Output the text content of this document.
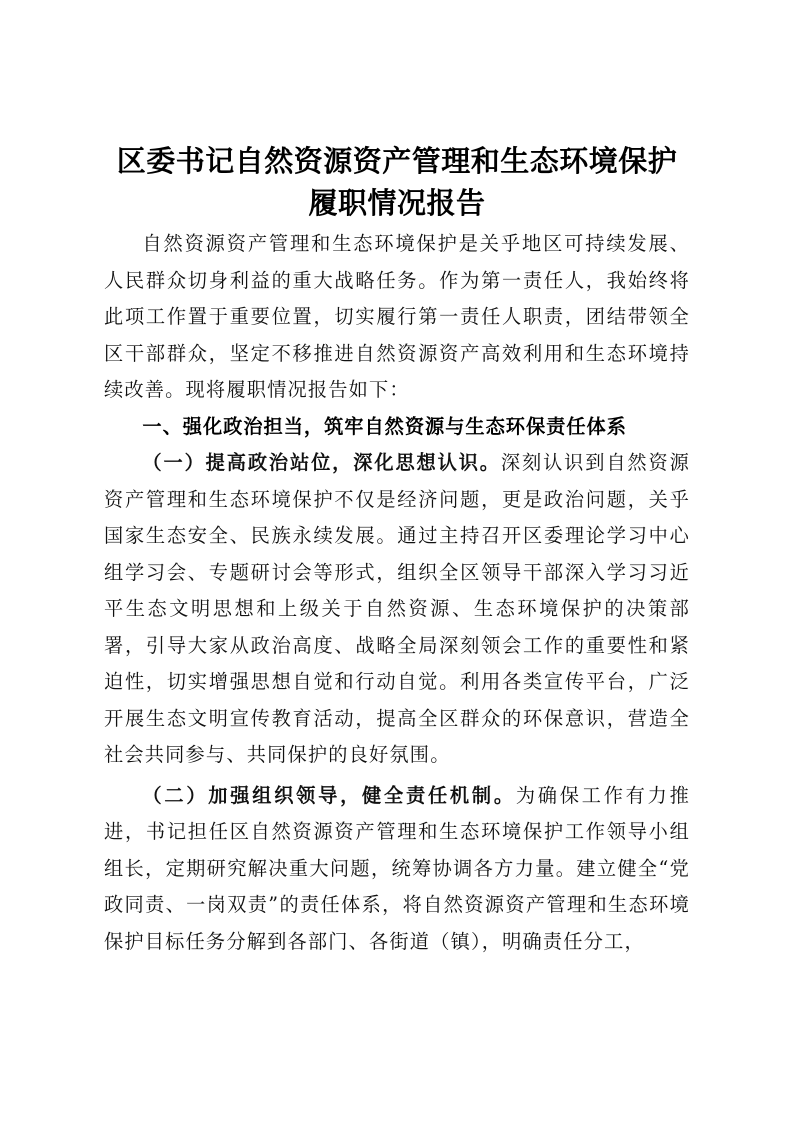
区委书记自然资源资产管理和生态环境保护履职情况报告

自然资源资产管理和生态环境保护是关乎地区可持续发展、人民群众切身利益的重大战略任务。作为第一责任人，我始终将此项工作置于重要位置，切实履行第一责任人职责，团结带领全区干部群众，坚定不移推进自然资源资产高效利用和生态环境持续改善。现将履职情况报告如下：

一、强化政治担当，筑牢自然资源与生态环保责任体系

（一）提高政治站位，深化思想认识。深刻认识到自然资源资产管理和生态环境保护不仅是经济问题，更是政治问题，关乎国家生态安全、民族永续发展。通过主持召开区委理论学习中心组学习会、专题研讨会等形式，组织全区领导干部深入学习习近平生态文明思想和上级关于自然资源、生态环境保护的决策部署，引导大家从政治高度、战略全局深刻领会工作的重要性和紧迫性，切实增强思想自觉和行动自觉。利用各类宣传平台，广泛开展生态文明宣传教育活动，提高全区群众的环保意识，营造全社会共同参与、共同保护的良好氛围。

（二）加强组织领导，健全责任机制。为确保工作有力推进，书记担任区自然资源资产管理和生态环境保护工作领导小组组长，定期研究解决重大问题，统筹协调各方力量。建立健全“党政同责、一岗双责”的责任体系，将自然资源资产管理和生态环境保护目标任务分解到各部门、各街道（镇），明确责任分工，
